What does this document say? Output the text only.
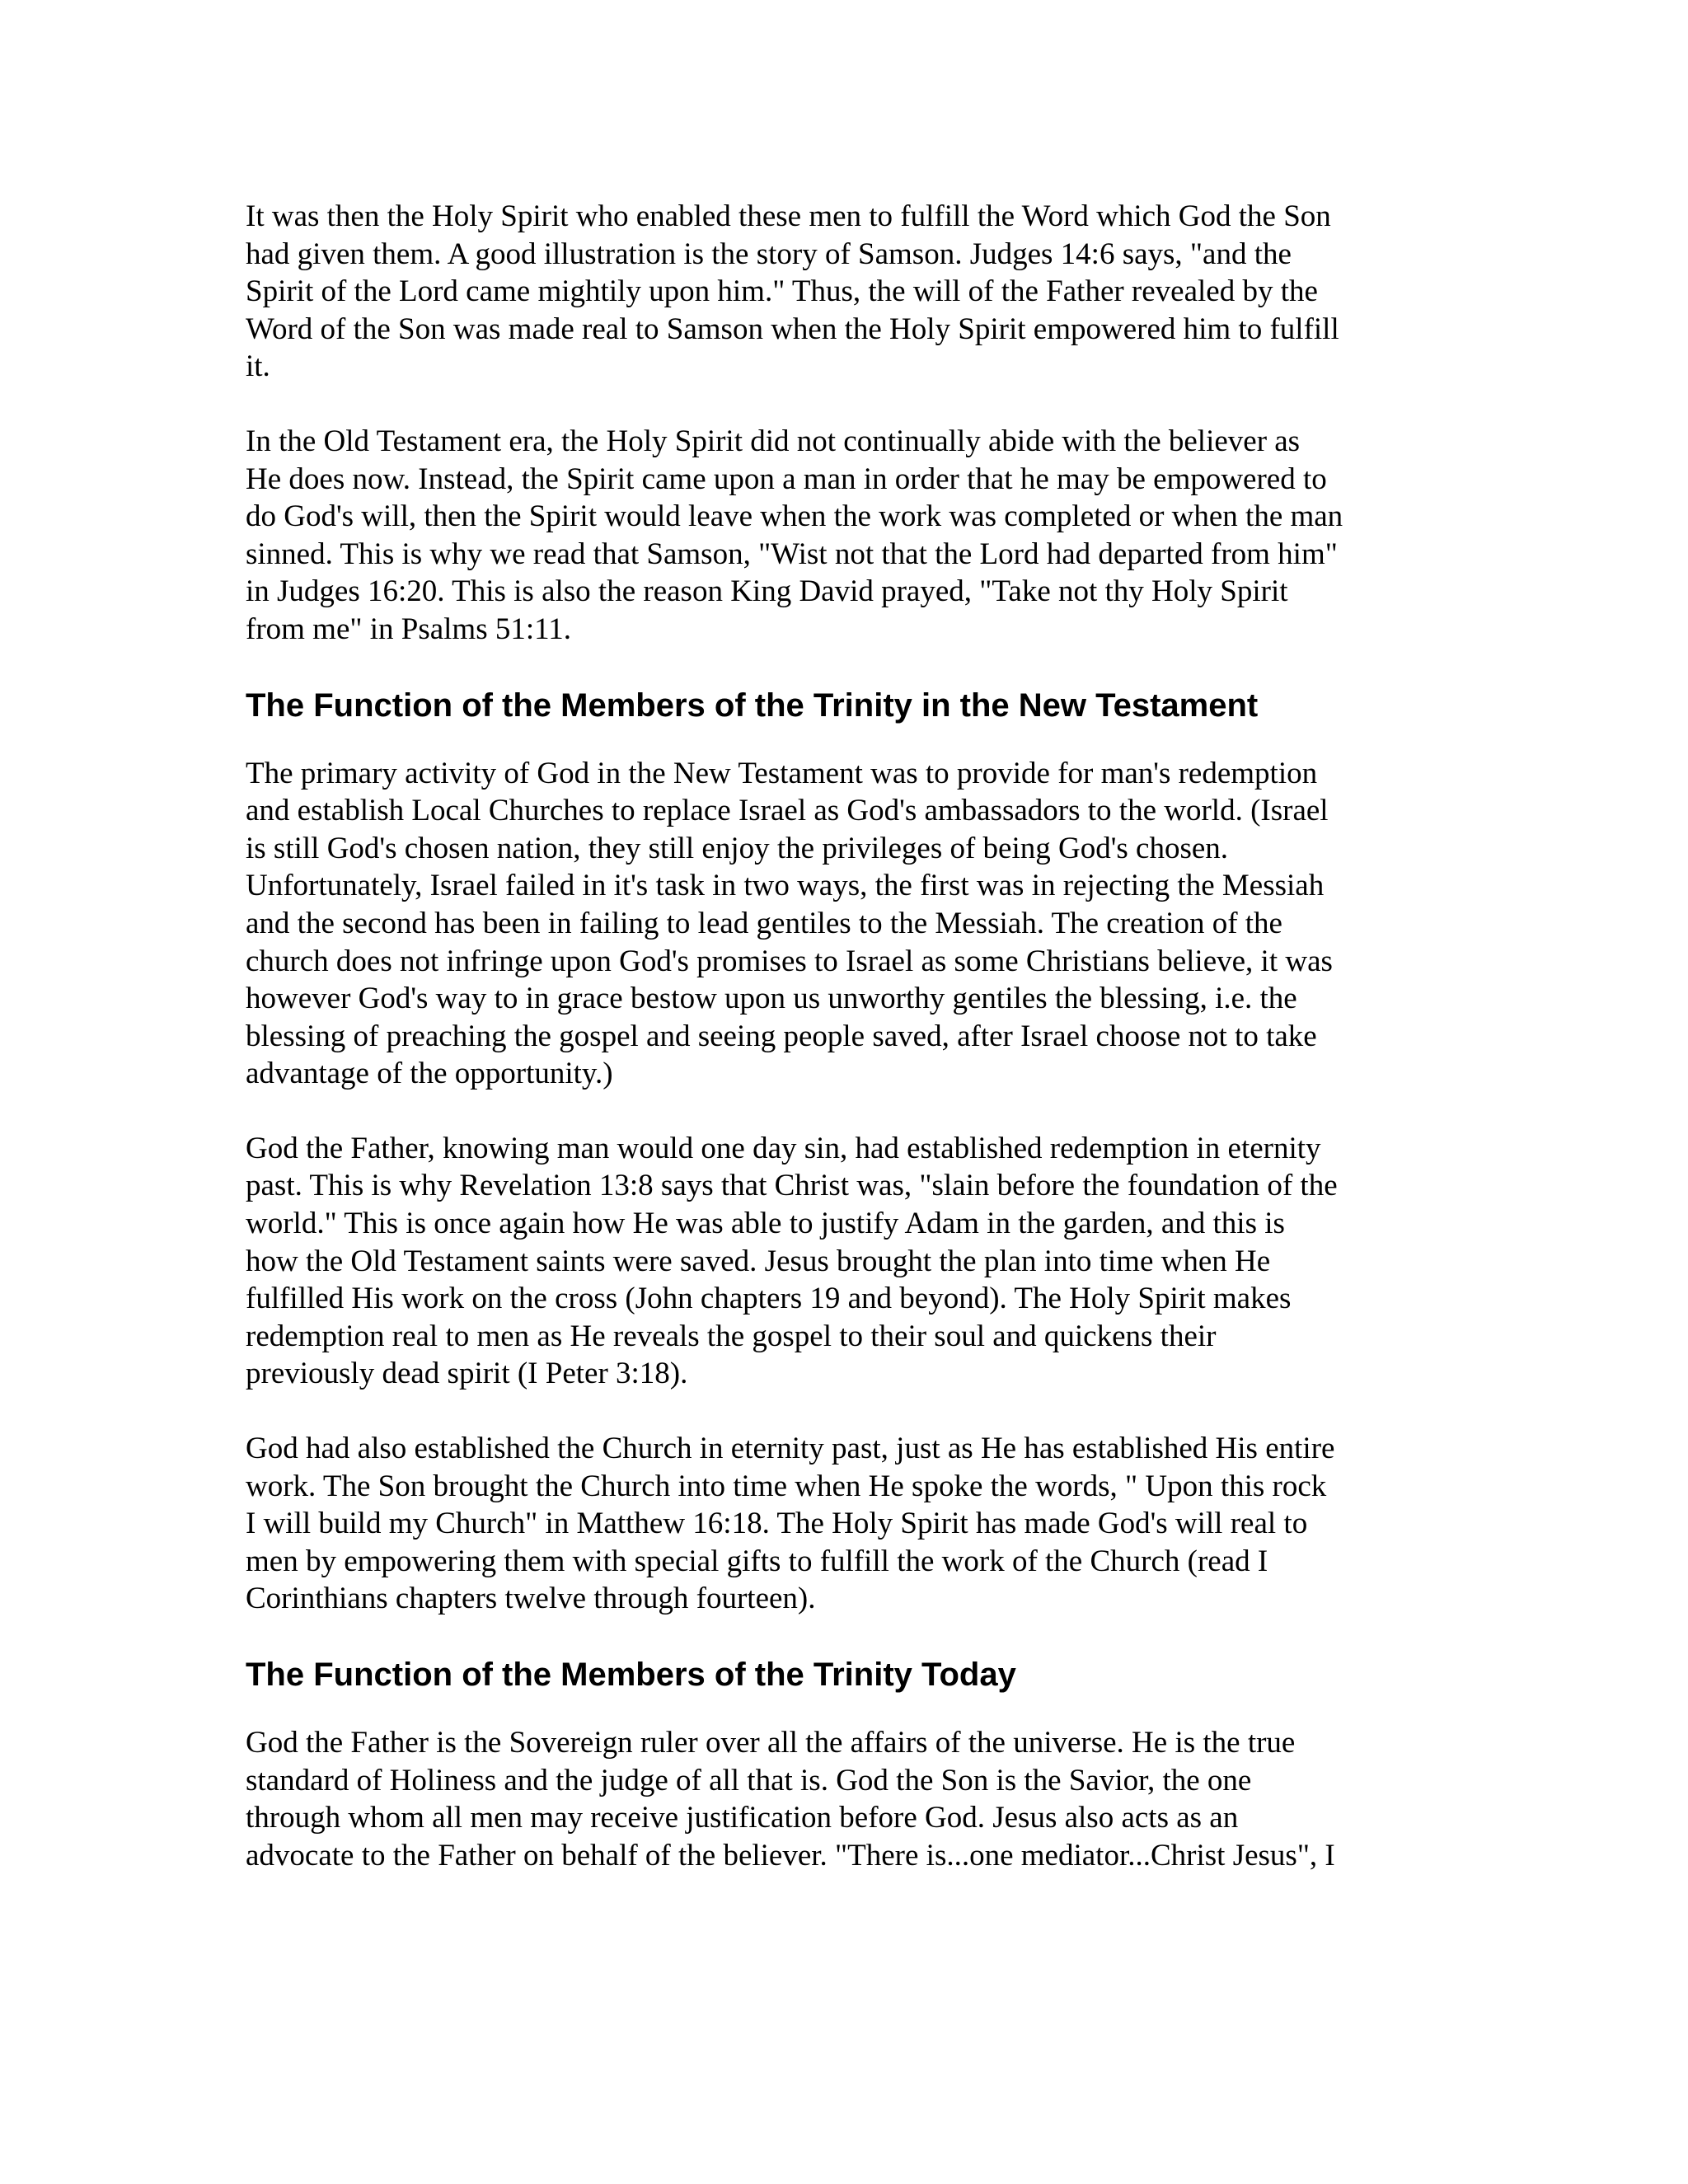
It was then the Holy Spirit who enabled these men to fulfill the Word which God the Son
had given them. A good illustration is the story of Samson. Judges 14:6 says, "and the
Spirit of the Lord came mightily upon him." Thus, the will of the Father revealed by the
Word of the Son was made real to Samson when the Holy Spirit empowered him to fulfill
it.

In the Old Testament era, the Holy Spirit did not continually abide with the believer as
He does now. Instead, the Spirit came upon a man in order that he may be empowered to
do God's will, then the Spirit would leave when the work was completed or when the man
sinned. This is why we read that Samson, "Wist not that the Lord had departed from him"
in Judges 16:20. This is also the reason King David prayed, "Take not thy Holy Spirit
from me" in Psalms 51:11.

The Function of the Members of the Trinity in the New Testament

The primary activity of God in the New Testament was to provide for man's redemption
and establish Local Churches to replace Israel as God's ambassadors to the world. (Israel
is still God's chosen nation, they still enjoy the privileges of being God's chosen.
Unfortunately, Israel failed in it's task in two ways, the first was in rejecting the Messiah
and the second has been in failing to lead gentiles to the Messiah. The creation of the
church does not infringe upon God's promises to Israel as some Christians believe, it was
however God's way to in grace bestow upon us unworthy gentiles the blessing, i.e. the
blessing of preaching the gospel and seeing people saved, after Israel choose not to take
advantage of the opportunity.)

God the Father, knowing man would one day sin, had established redemption in eternity
past. This is why Revelation 13:8 says that Christ was, "slain before the foundation of the
world." This is once again how He was able to justify Adam in the garden, and this is
how the Old Testament saints were saved. Jesus brought the plan into time when He
fulfilled His work on the cross (John chapters 19 and beyond). The Holy Spirit makes
redemption real to men as He reveals the gospel to their soul and quickens their
previously dead spirit (I Peter 3:18).

God had also established the Church in eternity past, just as He has established His entire
work. The Son brought the Church into time when He spoke the words, " Upon this rock
I will build my Church" in Matthew 16:18. The Holy Spirit has made God's will real to
men by empowering them with special gifts to fulfill the work of the Church (read I
Corinthians chapters twelve through fourteen).

The Function of the Members of the Trinity Today

God the Father is the Sovereign ruler over all the affairs of the universe. He is the true
standard of Holiness and the judge of all that is. God the Son is the Savior, the one
through whom all men may receive justification before God. Jesus also acts as an
advocate to the Father on behalf of the believer. "There is...one mediator...Christ Jesus", I
